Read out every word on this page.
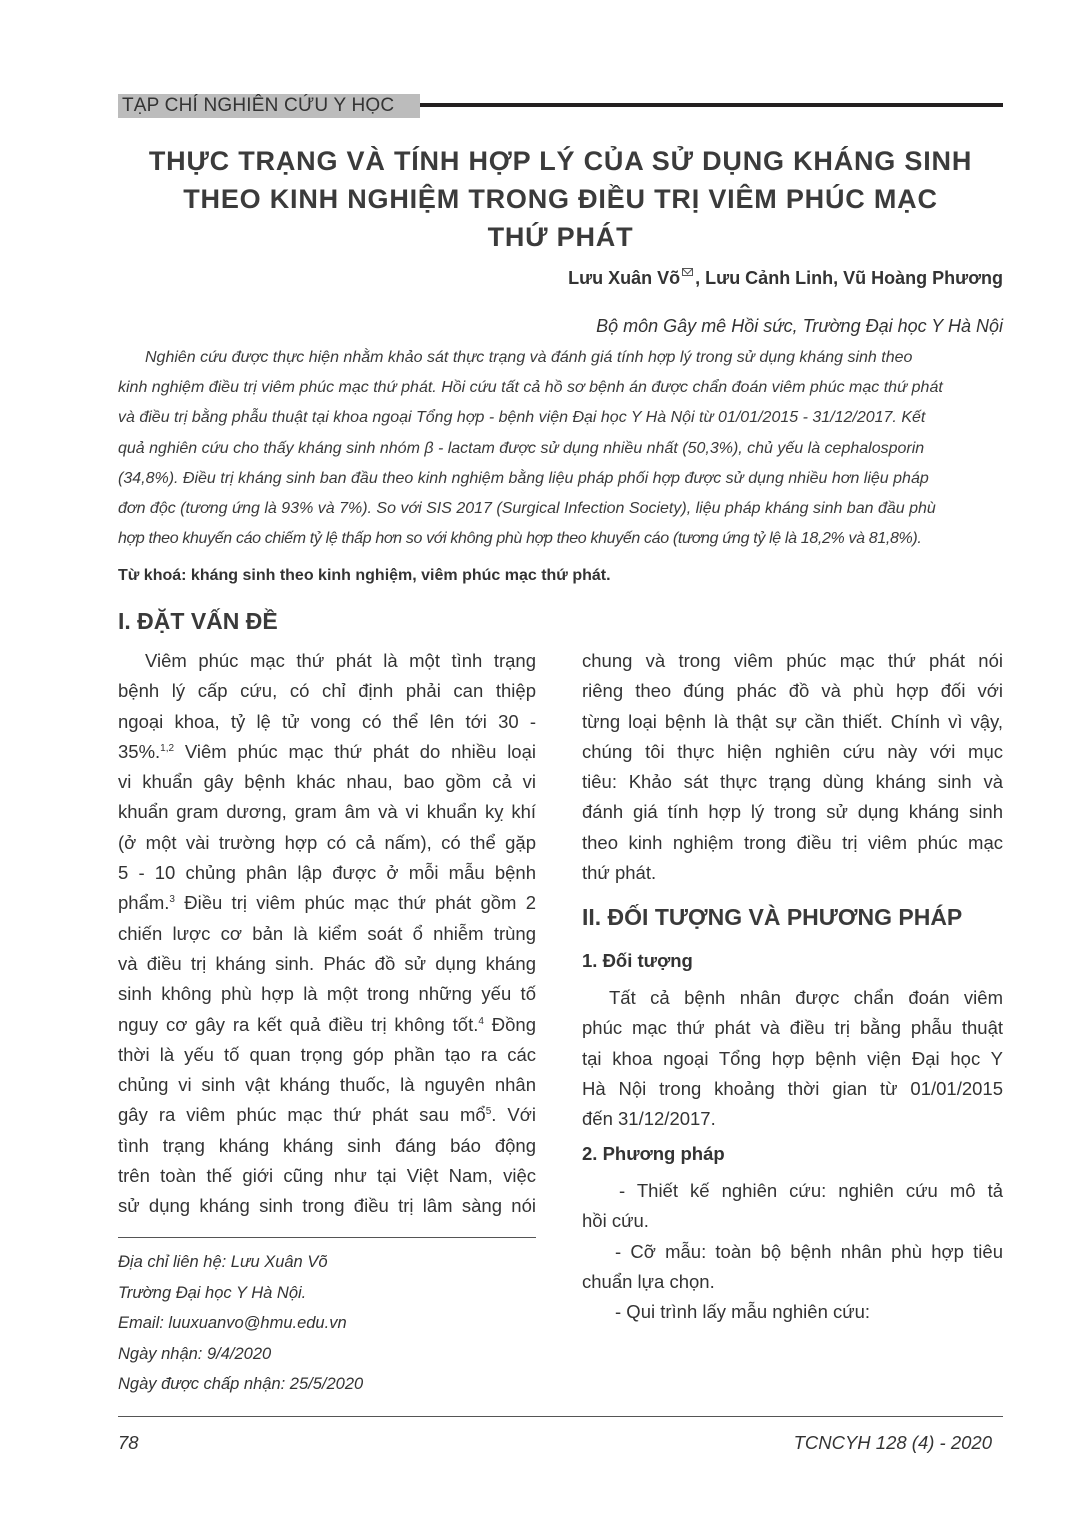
TẠP CHÍ NGHIÊN CỨU Y HỌC
THỰC TRẠNG VÀ TÍNH HỢP LÝ CỦA SỬ DỤNG KHÁNG SINH
THEO KINH NGHIỆM TRONG ĐIỀU TRỊ VIÊM PHÚC MẠC
THỨ PHÁT
Lưu Xuân Võ , Lưu Cảnh Linh, Vũ Hoàng Phương
Bộ môn Gây mê Hồi sức, Trường Đại học Y Hà Nội
Nghiên cứu được thực hiện nhằm khảo sát thực trạng và đánh giá tính hợp lý trong sử dụng kháng sinh theo
kinh nghiệm điều trị viêm phúc mạc thứ phát. Hồi cứu tất cả hồ sơ bệnh án được chẩn đoán viêm phúc mạc thứ phát
và điều trị bằng phẫu thuật tại khoa ngoại Tổng hợp - bệnh viện Đại học Y Hà Nội từ 01/01/2015 - 31/12/2017. Kết
quả nghiên cứu cho thấy kháng sinh nhóm β - lactam được sử dụng nhiều nhất (50,3%), chủ yếu là cephalosporin
(34,8%). Điều trị kháng sinh ban đầu theo kinh nghiệm bằng liệu pháp phối hợp được sử dụng nhiều hơn liệu pháp
đơn độc (tương ứng là 93% và 7%). So với SIS 2017 (Surgical Infection Society), liệu pháp kháng sinh ban đầu phù
hợp theo khuyến cáo chiếm tỷ lệ thấp hơn so với không phù hợp theo khuyến cáo (tương ứng tỷ lệ là 18,2% và 81,8%).
Từ khoá: kháng sinh theo kinh nghiệm, viêm phúc mạc thứ phát.
I. ĐẶT VẤN ĐỀ
Viêm phúc mạc thứ phát là một tình trạng
bệnh lý cấp cứu, có chỉ định phải can thiệp
ngoại khoa, tỷ lệ tử vong có thể lên tới 30 -
35%.$^{1,2}$ Viêm phúc mạc thứ phát do nhiều loại
vi khuẩn gây bệnh khác nhau, bao gồm cả vi
khuẩn gram dương, gram âm và vi khuẩn kỵ khí
(ở một vài trường hợp có cả nấm), có thể gặp
5 - 10 chủng phân lập được ở mỗi mẫu bệnh
phẩm.$^3$ Điều trị viêm phúc mạc thứ phát gồm 2
chiến lược cơ bản là kiểm soát ổ nhiễm trùng
và điều trị kháng sinh. Phác đồ sử dụng kháng
sinh không phù hợp là một trong những yếu tố
nguy cơ gây ra kết quả điều trị không tốt.$^4$ Đồng
thời là yếu tố quan trọng góp phần tạo ra các
chủng vi sinh vật kháng thuốc, là nguyên nhân
gây ra viêm phúc mạc thứ phát sau mổ$^5$. Với
tình trạng kháng kháng sinh đáng báo động
trên toàn thế giới cũng như tại Việt Nam, việc
sử dụng kháng sinh trong điều trị lâm sàng nói
chung và trong viêm phúc mạc thứ phát nói
riêng theo đúng phác đồ và phù hợp đối với
từng loại bệnh là thật sự cần thiết. Chính vì vậy,
chúng tôi thực hiện nghiên cứu này với mục
tiêu: Khảo sát thực trạng dùng kháng sinh và
đánh giá tính hợp lý trong sử dụng kháng sinh
theo kinh nghiệm trong điều trị viêm phúc mạc
thứ phát.
II. ĐỐI TƯỢNG VÀ PHƯƠNG PHÁP
1. Đối tượng
Tất cả bệnh nhân được chẩn đoán viêm
phúc mạc thứ phát và điều trị bằng phẫu thuật
tại khoa ngoại Tổng hợp bệnh viện Đại học Y
Hà Nội trong khoảng thời gian từ 01/01/2015
đến 31/12/2017.
2. Phương pháp
- Thiết kế nghiên cứu: nghiên cứu mô tả
hồi cứu.
- Cỡ mẫu: toàn bộ bệnh nhân phù hợp tiêu
chuẩn lựa chọn.
- Qui trình lấy mẫu nghiên cứu:
Địa chỉ liên hệ: Lưu Xuân Võ
Trường Đại học Y Hà Nội.
Email: luuxuanvo@hmu.edu.vn
Ngày nhận: 9/4/2020
Ngày được chấp nhận: 25/5/2020
78	TCNCYH 128 (4) - 2020
